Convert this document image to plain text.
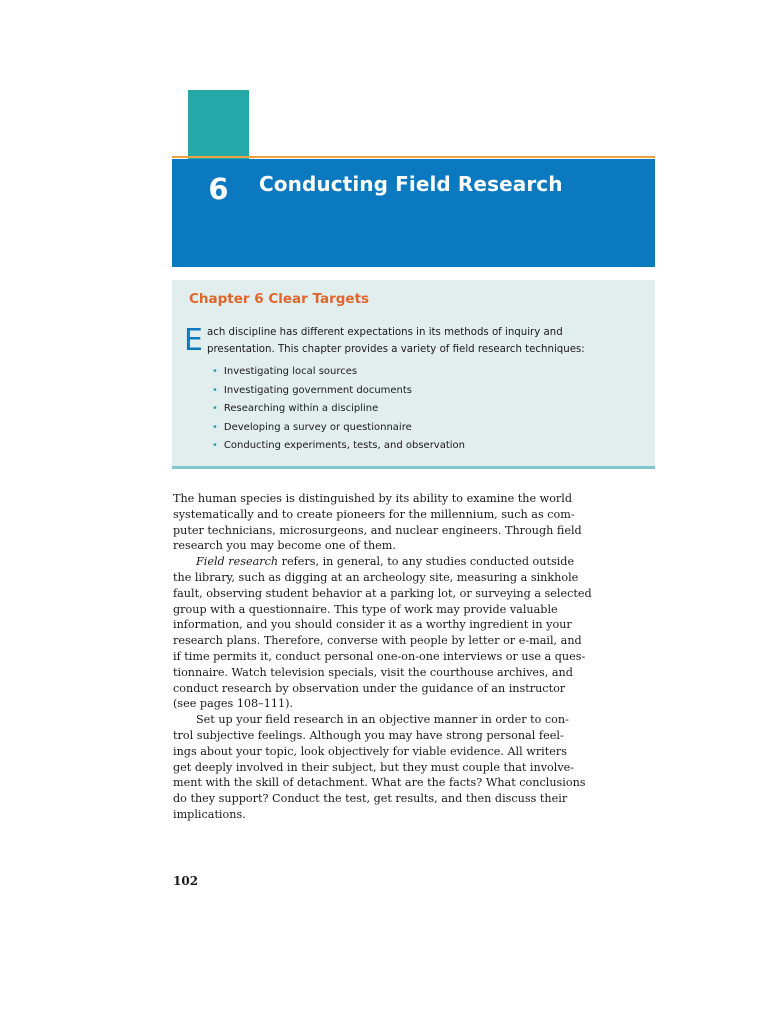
6	Conducting Field Research
Chapter 6 Clear Targets
E ach discipline has different expectations in its methods of inquiry and
presentation. This chapter provides a variety of field research techniques:
• Investigating local sources
• Investigating government documents
• Researching within a discipline
• Developing a survey or questionnaire
• Conducting experiments, tests, and observation
The human species is distinguished by its ability to examine the world
systematically and to create pioneers for the millennium, such as com-
puter technicians, microsurgeons, and nuclear engineers. Through field
research you may become one of them.
Field research refers, in general, to any studies conducted outside
the library, such as digging at an archeology site, measuring a sinkhole
fault, observing student behavior at a parking lot, or surveying a selected
group with a questionnaire. This type of work may provide valuable
information, and you should consider it as a worthy ingredient in your
research plans. Therefore, converse with people by letter or e-mail, and
if time permits it, conduct personal one-on-one interviews or use a ques-
tionnaire. Watch television specials, visit the courthouse archives, and
conduct research by observation under the guidance of an instructor
(see pages 108–111).
Set up your field research in an objective manner in order to con-
trol subjective feelings. Although you may have strong personal feel-
ings about your topic, look objectively for viable evidence. All writers
get deeply involved in their subject, but they must couple that involve-
ment with the skill of detachment. What are the facts? What conclusions
do they support? Conduct the test, get results, and then discuss their
implications.
102
